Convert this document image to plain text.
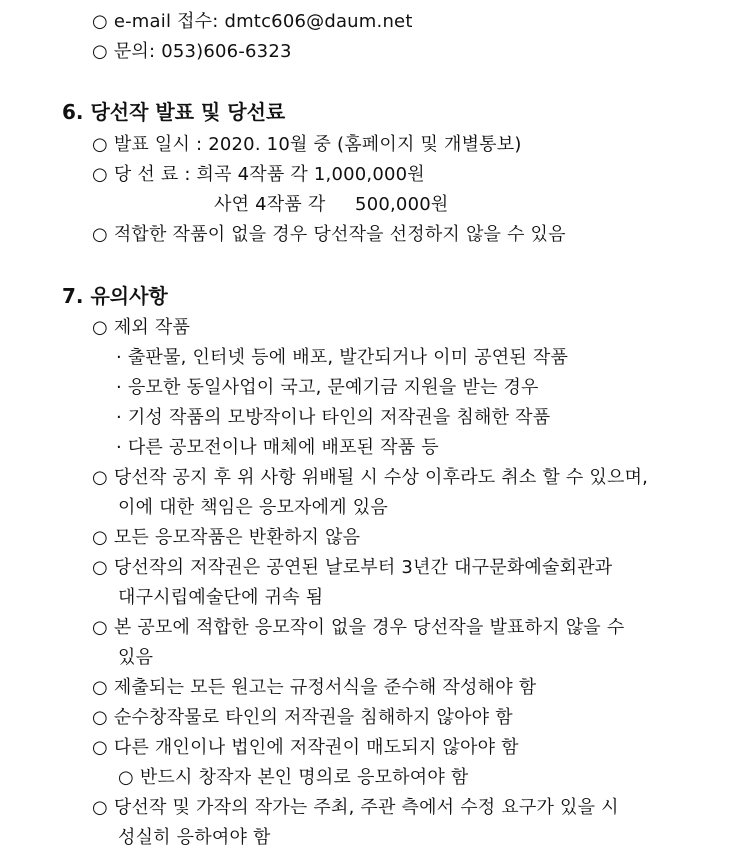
○ e-mail 접수: dmtc606@daum.net
○ 문의: 053)606-6323
6. 당선작 발표 및 당선료
○ 발표 일시 : 2020. 10월 중 (홈페이지 및 개별통보)
○ 당 선 료 : 희곡 4작품 각 1,000,000원
사연 4작품 각     500,000원
○ 적합한 작품이 없을 경우 당선작을 선정하지 않을 수 있음
7. 유의사항
○ 제외 작품
· 출판물, 인터넷 등에 배포, 발간되거나 이미 공연된 작품
· 응모한 동일사업이 국고, 문예기금 지원을 받는 경우
· 기성 작품의 모방작이나 타인의 저작권을 침해한 작품
· 다른 공모전이나 매체에 배포된 작품 등
○ 당선작 공지 후 위 사항 위배될 시 수상 이후라도 취소 할 수 있으며,
이에 대한 책임은 응모자에게 있음
○ 모든 응모작품은 반환하지 않음
○ 당선작의 저작권은 공연된 날로부터 3년간 대구문화예술회관과
대구시립예술단에 귀속 됨
○ 본 공모에 적합한 응모작이 없을 경우 당선작을 발표하지 않을 수
있음
○ 제출되는 모든 원고는 규정서식을 준수해 작성해야 함
○ 순수창작물로 타인의 저작권을 침해하지 않아야 함
○ 다른 개인이나 법인에 저작권이 매도되지 않아야 함
○ 반드시 창작자 본인 명의로 응모하여야 함
○ 당선작 및 가작의 작가는 주최, 주관 측에서 수정 요구가 있을 시
성실히 응하여야 함
